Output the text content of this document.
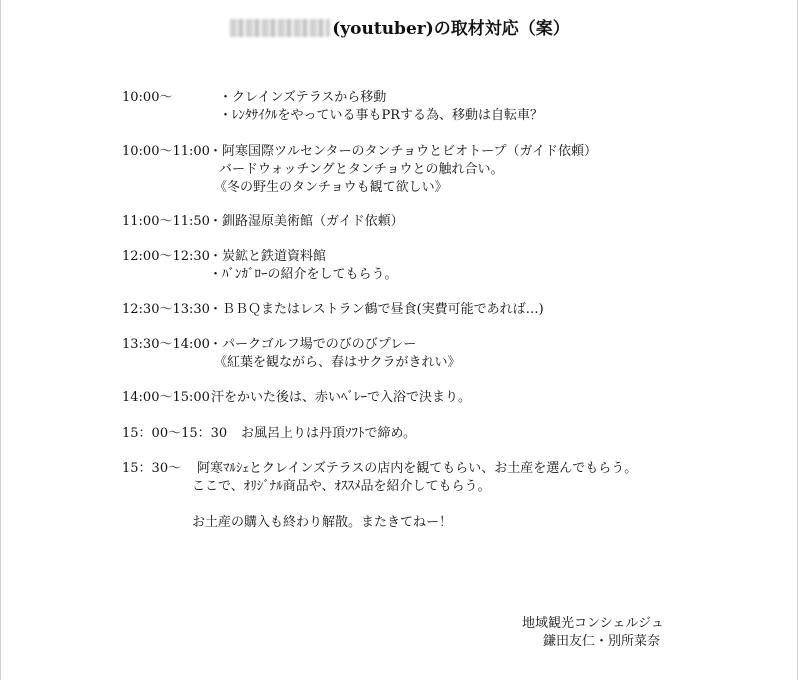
(youtuber)の取材対応（案）
10:00～	・クレインズテラスから移動
・ﾚﾝﾀｻｲｸﾙをやっている事もPRする為、移動は自転車？
10:00～11:00 ・阿寒国際ツルセンターのタンチョウとビオトープ（ガイド依頼）
バードウォッチングとタンチョウとの触れ合い。
《冬の野生のタンチョウも観て欲しい》
11:00～11:50 ・釧路湿原美術館（ガイド依頼）
12:00～12:30 ・炭鉱と鉄道資料館
・ﾊﾞﾝｶﾞﾛｰの紹介をしてもらう。
12:30～13:30 ・ＢＢＱまたはレストラン鶴で昼食(実費可能であれば…)
13:30～14:00 ・パークゴルフ場でのびのびプレー
《紅葉を観ながら、春はサクラがきれい》
14:00～15:00 汗をかいた後は、赤いﾍﾞﾚｰで入浴で決まり。
15：00～15：30 お風呂上りは丹頂ｿﾌﾄで締め。
15：30～ 阿寒ﾏﾙｼｪとクレインズテラスの店内を観てもらい、お土産を選んでもらう。
ここで、ｵﾘｼﾞﾅﾙ商品や、ｵｽｽﾒ品を紹介してもらう。
お土産の購入も終わり解散。またきてねー！
地域観光コンシェルジュ
鎌田友仁・別所菜奈
